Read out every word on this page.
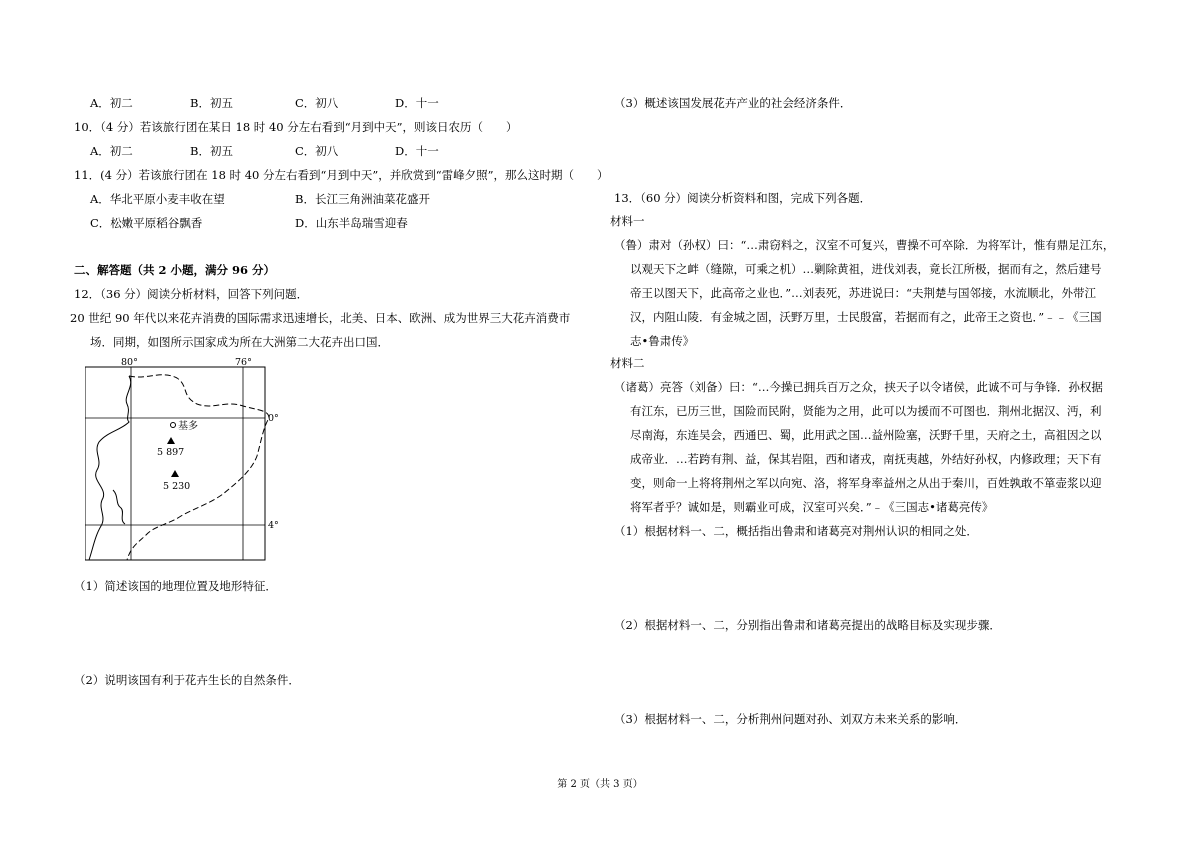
A．初二	B．初五	C．初八	D．十一
10．（4 分）若该旅行团在某日 18 时 40 分左右看到“月到中天”，则该日农历（　　）
A．初二	B．初五	C．初八	D．十一
11．(4 分）若该旅行团在 18 时 40 分左右看到“月到中天”，并欣赏到“雷峰夕照”，那么这时期（　　）
A．华北平原小麦丰收在望	B．长江三角洲油菜花盛开
C．松嫩平原稻谷飘香	D．山东半岛瑞雪迎春
二、解答题（共 2 小题，满分 96 分）
12．（36 分）阅读分析材料，回答下列问题．
20 世纪 90 年代以来花卉消费的国际需求迅速增长，北美、日本、欧洲、成为世界三大花卉消费市
场．同期，如图所示国家成为所在大洲第二大花卉出口国．
（1）简述该国的地理位置及地形特征．
（2）说明该国有利于花卉生长的自然条件．
基多
5 897
5 230
80°	76°
0°
4°
（3）概述该国发展花卉产业的社会经济条件．
13．（60 分）阅读分析资料和图，完成下列各题．
材料一
（鲁）肃对（孙权）曰：“…肃窃料之，汉室不可复兴，曹操不可卒除．为将军计，惟有鼎足江东，
以观天下之衅（缝隙，可乘之机）…剿除黄祖，进伐刘表，竟长江所极，据而有之，然后建号
帝王以图天下，此高帝之业也．”…刘表死，苏进说曰：“夫荆楚与国邻接，水流顺北，外带江
汉，内阻山陵．有金城之固，沃野万里，士民殷富，若据而有之，此帝王之资也．”﹣﹣《三国
志•鲁肃传》
材料二
（诸葛）亮答（刘备）曰：“…今操已拥兵百万之众，挟天子以令诸侯，此诚不可与争锋．孙权据
有江东，已历三世，国险而民附，贤能为之用，此可以为援而不可图也．荆州北据汉、沔，利
尽南海，东连吴会，西通巴、蜀，此用武之国…益州险塞，沃野千里，天府之土，高祖因之以
成帝业．…若跨有荆、益，保其岩阻，西和诸戎，南抚夷越，外结好孙权，内修政理；天下有
变，则命一上将将荆州之军以向宛、洛，将军身率益州之从出于秦川，百姓孰敢不箪壶浆以迎
将军者乎？诚如是，则霸业可成，汉室可兴矣．”﹣《三国志•诸葛亮传》
（1）根据材料一、二，概括指出鲁肃和诸葛亮对荆州认识的相同之处．
（2）根据材料一、二，分别指出鲁肃和诸葛亮提出的战略目标及实现步骤．
（3）根据材料一、二，分析荆州问题对孙、刘双方未来关系的影响．
第 2 页（共 3 页）
